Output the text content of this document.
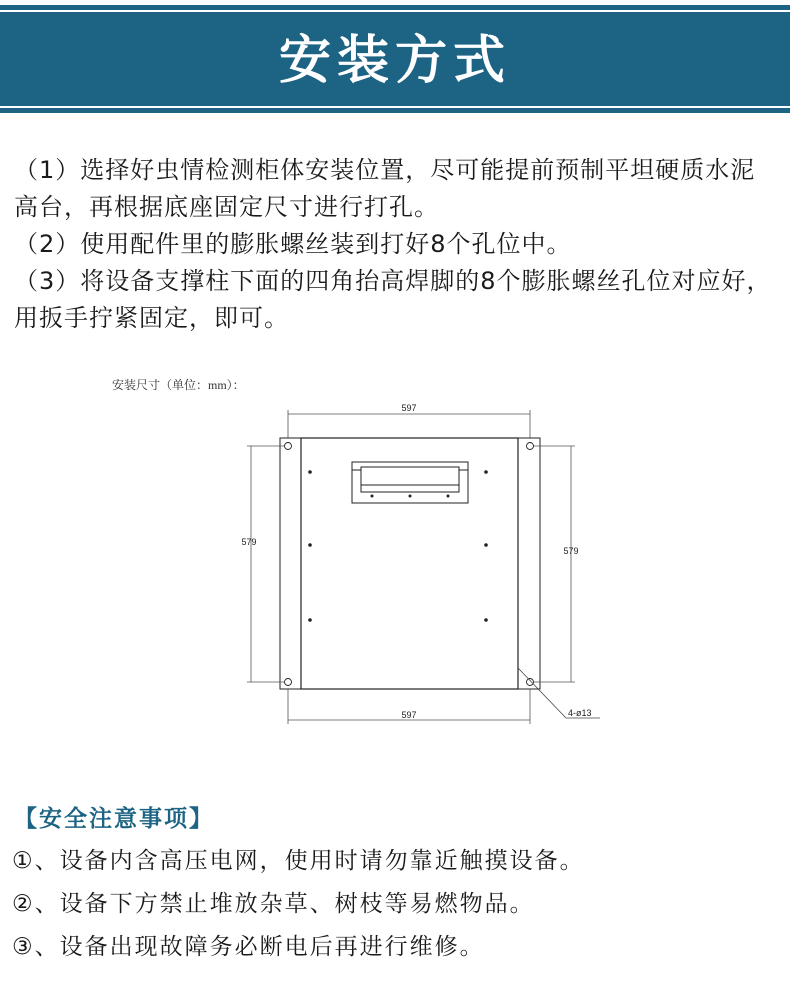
安装方式

（1）选择好虫情检测柜体安装位置，尽可能提前预制平坦硬质水泥高台，再根据底座固定尺寸进行打孔。

（2）使用配件里的膨胀螺丝装到打好8个孔位中。

（3）将设备支撑柱下面的四角抬高焊脚的8个膨胀螺丝孔位对应好，用扳手拧紧固定，即可。

安装尺寸（单位：mm）：
597
579
579
597	4-ø13
【安全注意事项】

①、设备内含高压电网，使用时请勿靠近触摸设备。

②、设备下方禁止堆放杂草、树枝等易燃物品。

③、设备出现故障务必断电后再进行维修。
